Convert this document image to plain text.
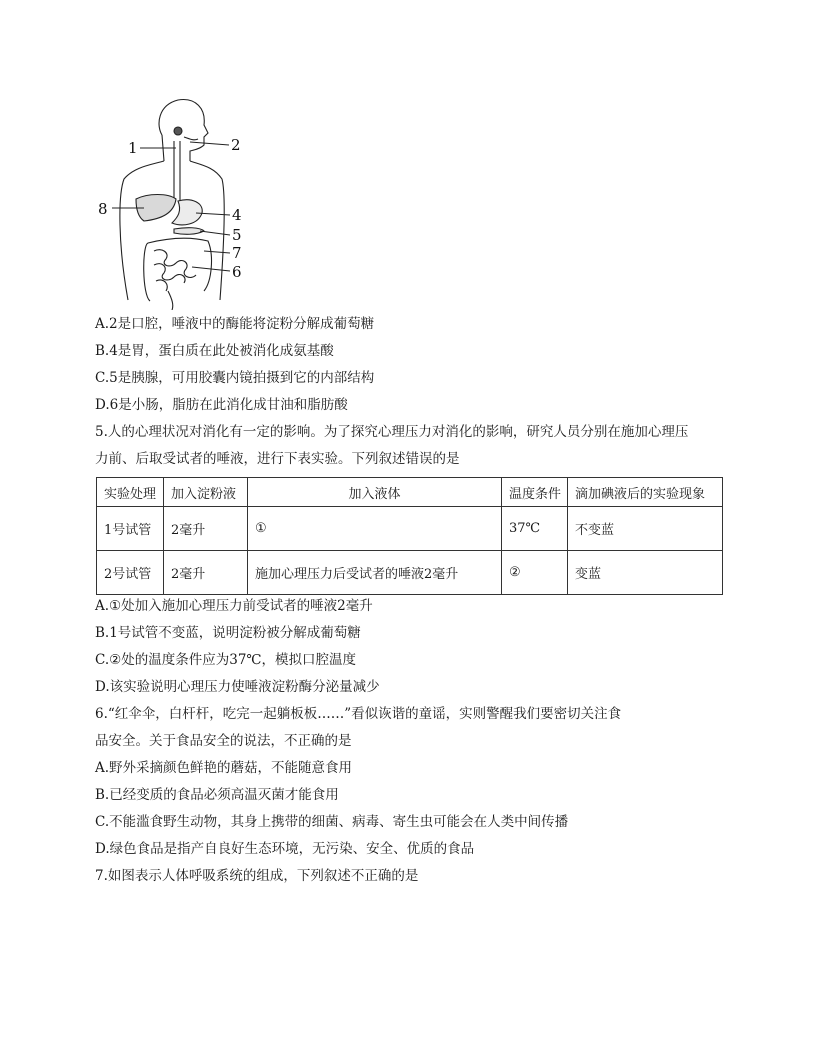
1	2
4
5
6
7
8
A.2是口腔，唾液中的酶能将淀粉分解成葡萄糖
B.4是胃，蛋白质在此处被消化成氨基酸
C.5是胰腺，可用胶囊内镜拍摄到它的内部结构
D.6是小肠，脂肪在此消化成甘油和脂肪酸
5.人的心理状况对消化有一定的影响。为了探究心理压力对消化的影响，研究人员分别在施加心理压
力前、后取受试者的唾液，进行下表实验。下列叙述错误的是
实验处理	加入淀粉液	加入液体	温度条件	滴加碘液后的实验现象
1号试管	2毫升	①	37℃	不变蓝
2号试管	2毫升	施加心理压力后受试者的唾液2毫升	②	变蓝
A.①处加入施加心理压力前受试者的唾液2毫升
B.1号试管不变蓝，说明淀粉被分解成葡萄糖
C.②处的温度条件应为37℃，模拟口腔温度
D.该实验说明心理压力使唾液淀粉酶分泌量减少
6.“红伞伞，白杆杆，吃完一起躺板板……”看似诙谐的童谣，实则警醒我们要密切关注食
品安全。关于食品安全的说法，不正确的是
A.野外采摘颜色鲜艳的蘑菇，不能随意食用
B.已经变质的食品必须高温灭菌才能食用
C.不能滥食野生动物，其身上携带的细菌、病毒、寄生虫可能会在人类中间传播
D.绿色食品是指产自良好生态环境，无污染、安全、优质的食品
7.如图表示人体呼吸系统的组成，下列叙述不正确的是
